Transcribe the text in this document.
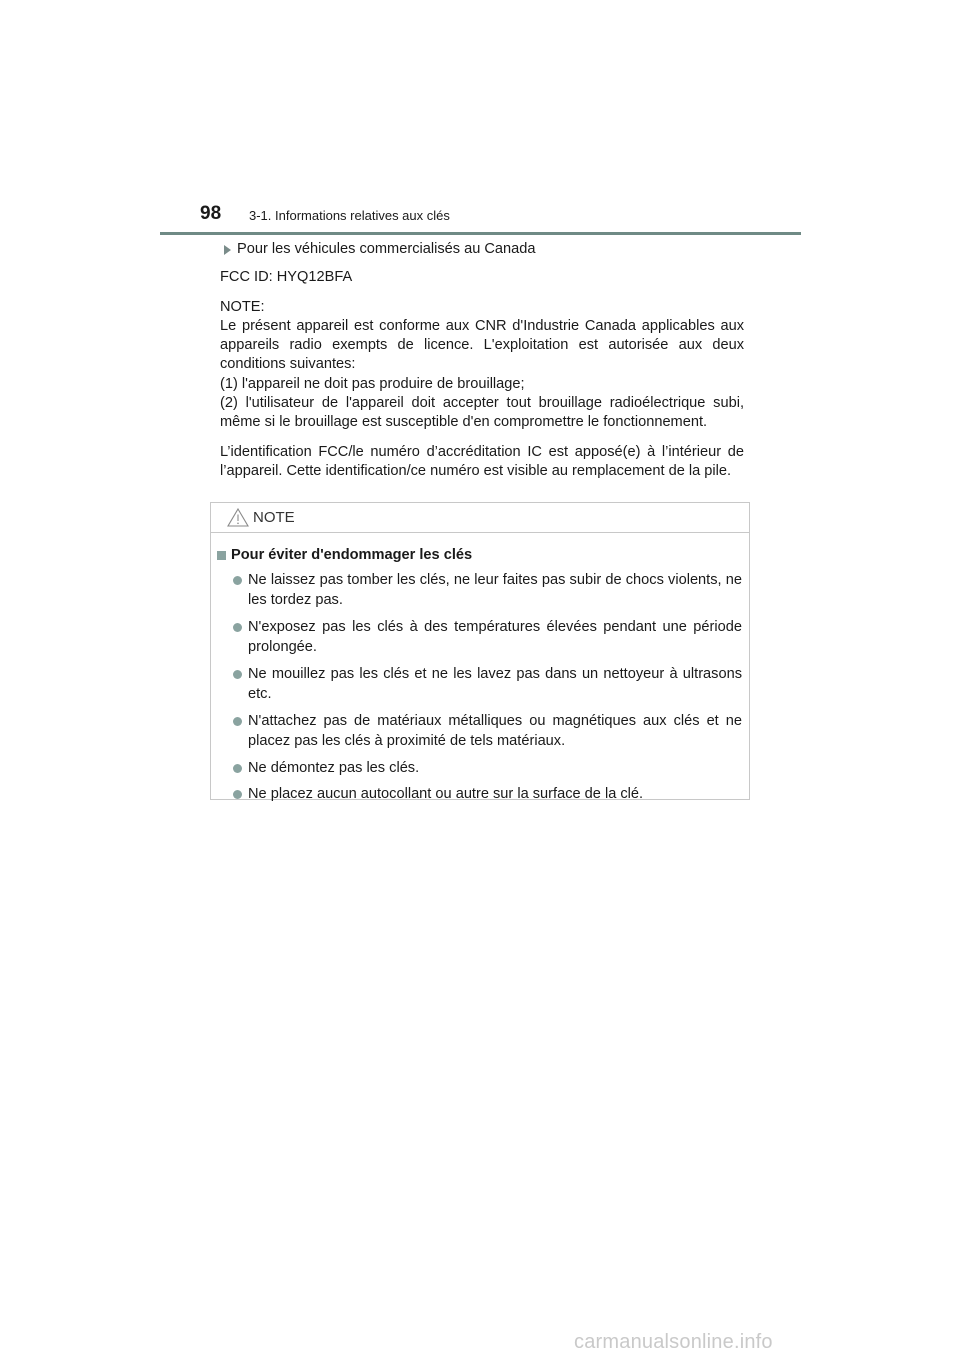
98 3-1. Informations relatives aux clés

Pour les véhicules commercialisés au Canada

FCC ID: HYQ12BFA

NOTE:
Le présent appareil est conforme aux CNR d'Industrie Canada applicables aux appareils radio exempts de licence. L'exploitation est autorisée aux deux conditions suivantes:
(1) l'appareil ne doit pas produire de brouillage;
(2) l'utilisateur de l'appareil doit accepter tout brouillage radioélectrique subi, même si le brouillage est susceptible d'en compromettre le fonctionnement.

L’identification FCC/le numéro d’accréditation IC est apposé(e) à l’intérieur de l’appareil. Cette identification/ce numéro est visible au remplacement de la pile.

NOTE
Pour éviter d'endommager les clés
Ne laissez pas tomber les clés, ne leur faites pas subir de chocs violents, ne les tordez pas.
N'exposez pas les clés à des températures élevées pendant une période prolongée.
Ne mouillez pas les clés et ne les lavez pas dans un nettoyeur à ultrasons etc.
N'attachez pas de matériaux métalliques ou magnétiques aux clés et ne placez pas les clés à proximité de tels matériaux.
Ne démontez pas les clés.
Ne placez aucun autocollant ou autre sur la surface de la clé.
carmanualsonline.info
